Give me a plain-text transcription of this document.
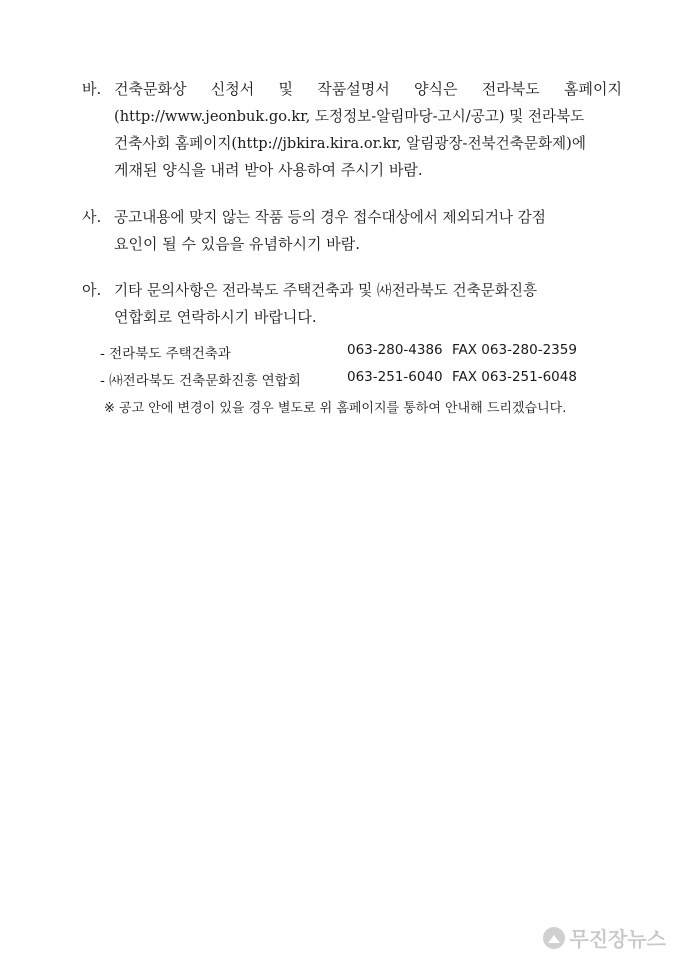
바. 건축문화상 신청서 및 작품설명서 양식은 전라북도 홈페이지
(http://www.jeonbuk.go.kr, 도정정보-알림마당-고시/공고) 및 전라북도
건축사회 홈페이지(http://jbkira.kira.or.kr, 알림광장-전북건축문화제)에
게재된 양식을 내려 받아 사용하여 주시기 바람.
사. 공고내용에 맞지 않는 작품 등의 경우 접수대상에서 제외되거나 감점
요인이 될 수 있음을 유념하시기 바람.
아. 기타 문의사항은 전라북도 주택건축과 및 ㈔전라북도 건축문화진흥
연합회로 연락하시기 바랍니다.
- 전라북도 주택건축과	063-280-4386 FAX 063-280-2359
- ㈔전라북도 건축문화진흥 연합회	063-251-6040 FAX 063-251-6048
※ 공고 안에 변경이 있을 경우 별도로 위 홈페이지를 통하여 안내해 드리겠습니다.
무진장뉴스
